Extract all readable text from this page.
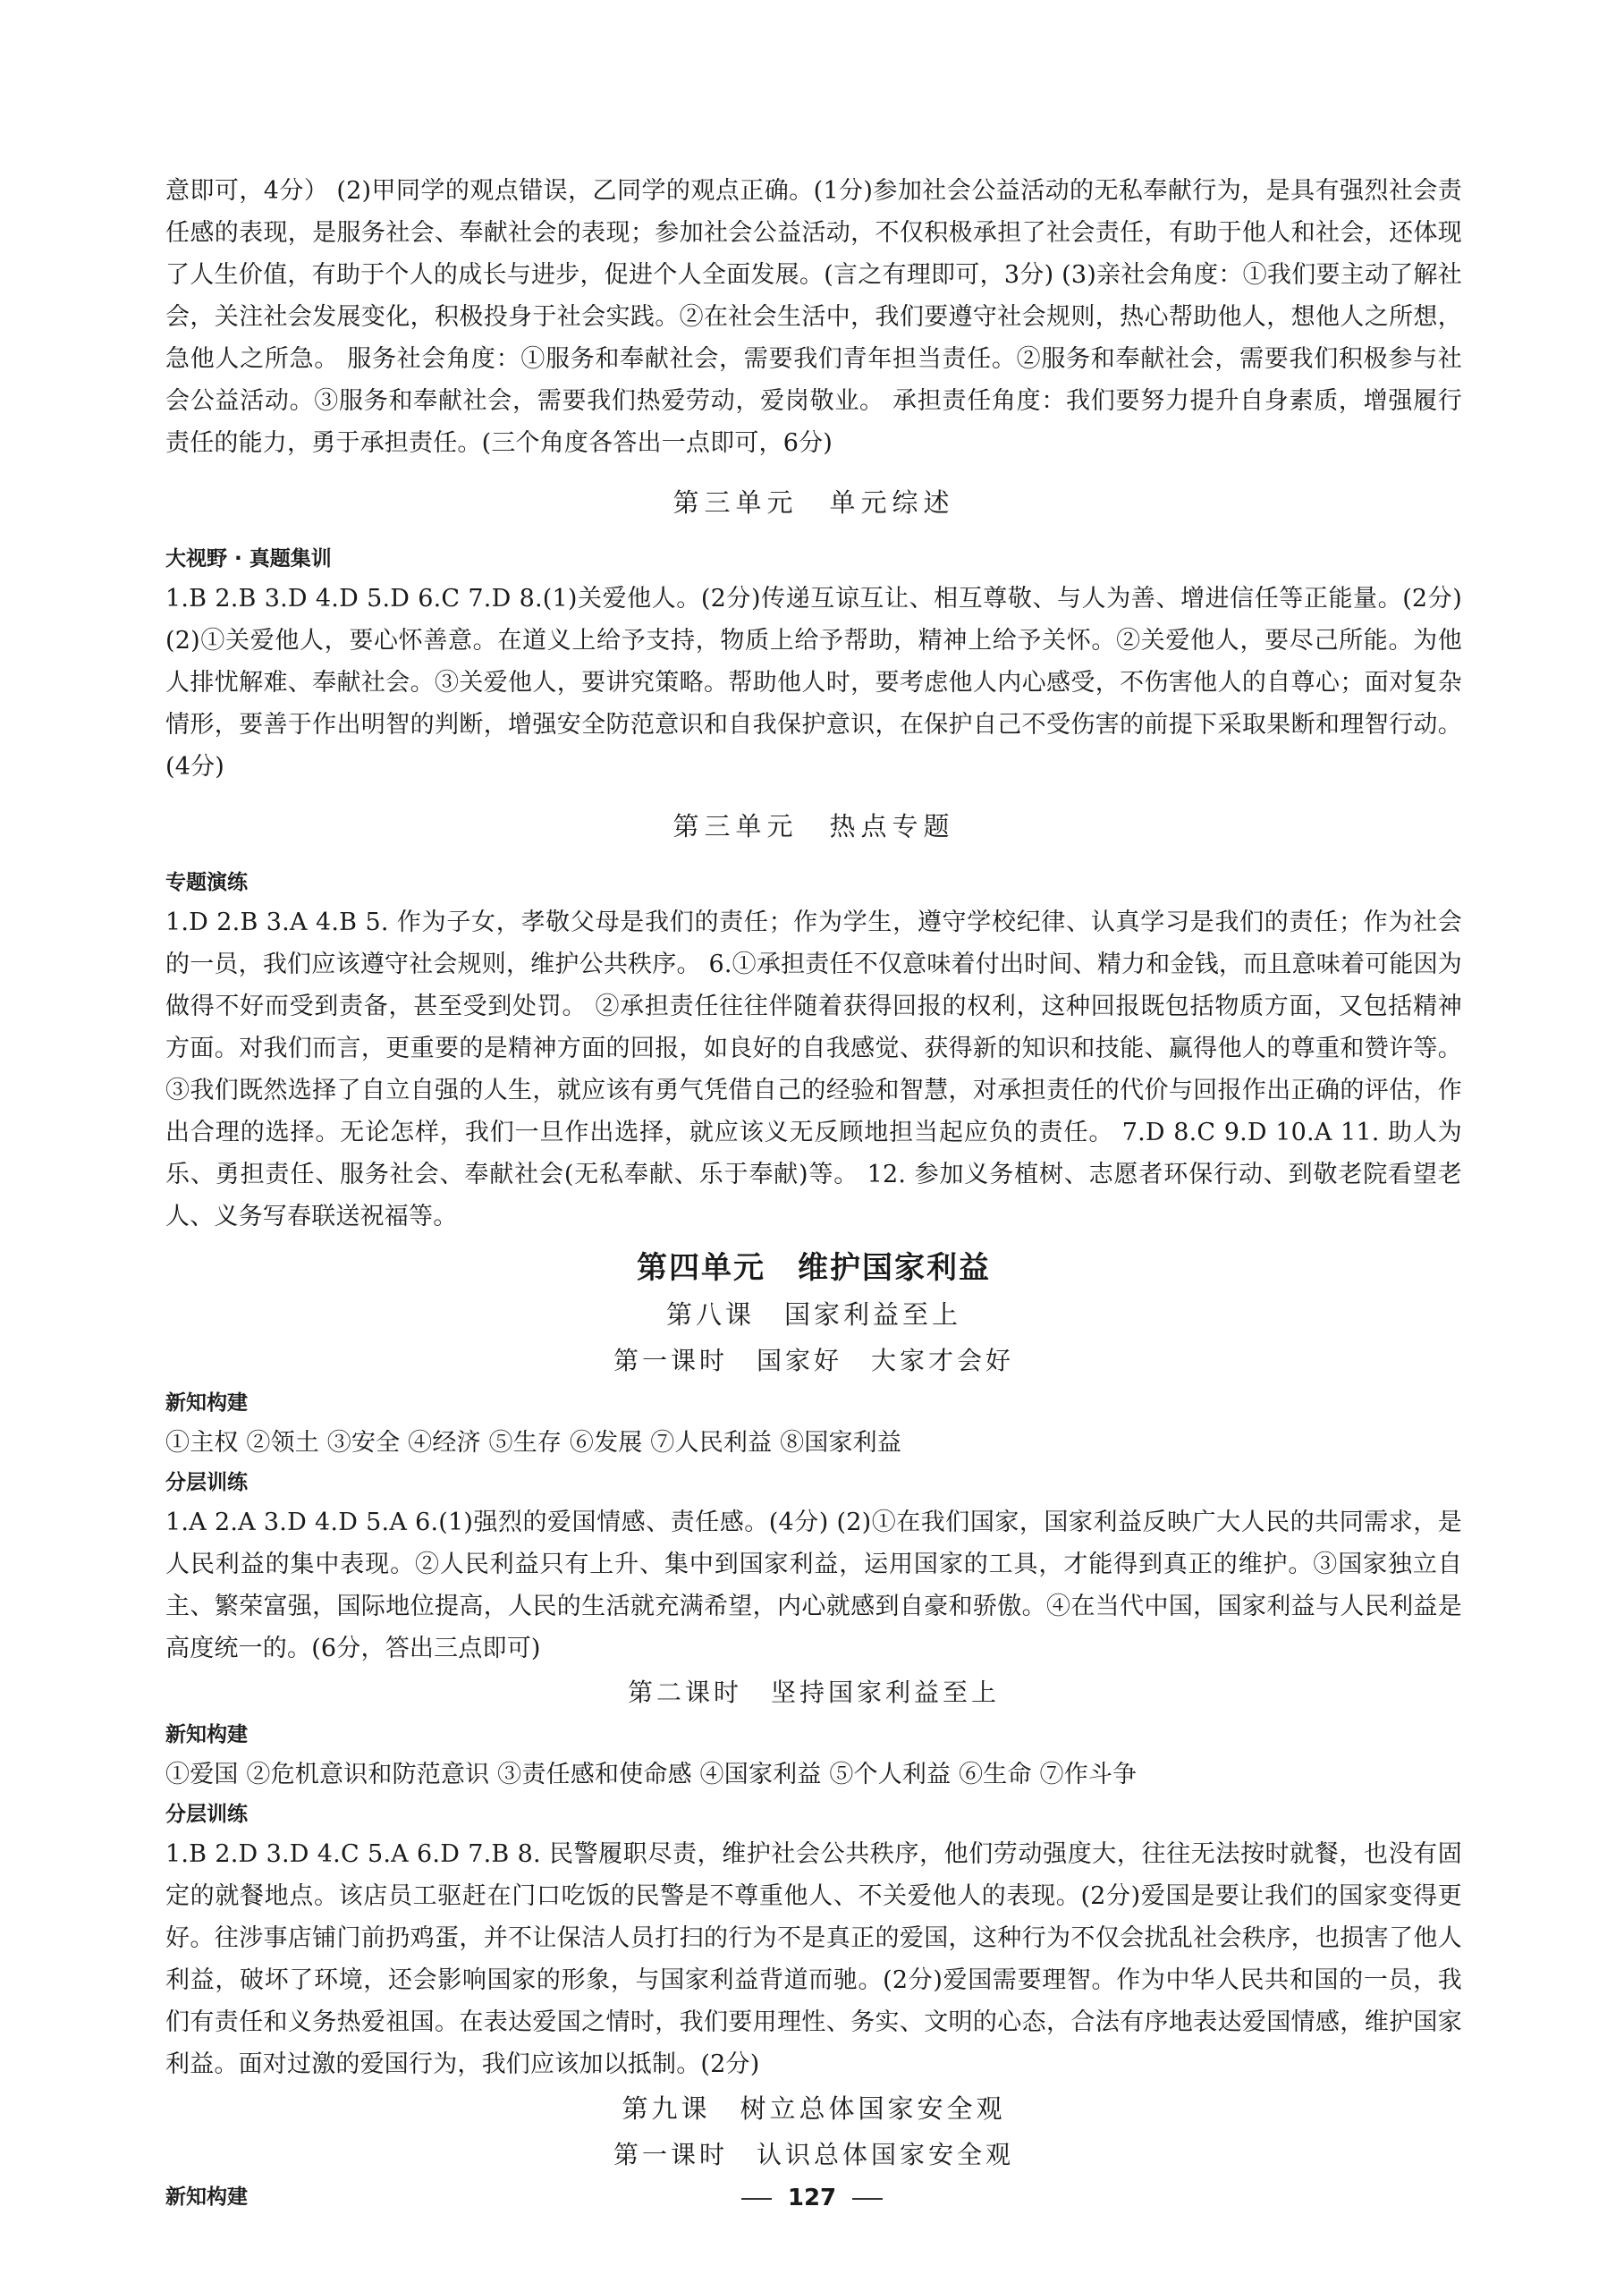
意即可，4分） (2)甲同学的观点错误，乙同学的观点正确。(1分)参加社会公益活动的无私奉献行为，是具有强烈社会责任感的表现，是服务社会、奉献社会的表现；参加社会公益活动，不仅积极承担了社会责任，有助于他人和社会，还体现了人生价值，有助于个人的成长与进步，促进个人全面发展。(言之有理即可，3分) (3)亲社会角度：①我们要主动了解社会，关注社会发展变化，积极投身于社会实践。②在社会生活中，我们要遵守社会规则，热心帮助他人，想他人之所想，急他人之所急。 服务社会角度：①服务和奉献社会，需要我们青年担当责任。②服务和奉献社会，需要我们积极参与社会公益活动。③服务和奉献社会，需要我们热爱劳动，爱岗敬业。 承担责任角度：我们要努力提升自身素质，增强履行责任的能力，勇于承担责任。(三个角度各答出一点即可，6分)

第三单元　单元综述
大视野 · 真题集训

1.B 2.B 3.D 4.D 5.D 6.C 7.D 8.(1)关爱他人。(2分)传递互谅互让、相互尊敬、与人为善、增进信任等正能量。(2分) (2)①关爱他人，要心怀善意。在道义上给予支持，物质上给予帮助，精神上给予关怀。②关爱他人，要尽己所能。为他人排忧解难、奉献社会。③关爱他人，要讲究策略。帮助他人时，要考虑他人内心感受，不伤害他人的自尊心；面对复杂情形，要善于作出明智的判断，增强安全防范意识和自我保护意识，在保护自己不受伤害的前提下采取果断和理智行动。(4分)

第三单元　热点专题
专题演练

1.D 2.B 3.A 4.B 5. 作为子女，孝敬父母是我们的责任；作为学生，遵守学校纪律、认真学习是我们的责任；作为社会的一员，我们应该遵守社会规则，维护公共秩序。 6.①承担责任不仅意味着付出时间、精力和金钱，而且意味着可能因为做得不好而受到责备，甚至受到处罚。 ②承担责任往往伴随着获得回报的权利，这种回报既包括物质方面，又包括精神方面。对我们而言，更重要的是精神方面的回报，如良好的自我感觉、获得新的知识和技能、赢得他人的尊重和赞许等。 ③我们既然选择了自立自强的人生，就应该有勇气凭借自己的经验和智慧，对承担责任的代价与回报作出正确的评估，作出合理的选择。无论怎样，我们一旦作出选择，就应该义无反顾地担当起应负的责任。 7.D 8.C 9.D 10.A 11. 助人为乐、勇担责任、服务社会、奉献社会(无私奉献、乐于奉献)等。 12. 参加义务植树、志愿者环保行动、到敬老院看望老人、义务写春联送祝福等。

第四单元　维护国家利益
第八课　国家利益至上
第一课时　国家好　大家才会好
新知构建

①主权 ②领土 ③安全 ④经济 ⑤生存 ⑥发展 ⑦人民利益 ⑧国家利益

分层训练

1.A 2.A 3.D 4.D 5.A 6.(1)强烈的爱国情感、责任感。(4分) (2)①在我们国家，国家利益反映广大人民的共同需求，是人民利益的集中表现。②人民利益只有上升、集中到国家利益，运用国家的工具，才能得到真正的维护。③国家独立自主、繁荣富强，国际地位提高，人民的生活就充满希望，内心就感到自豪和骄傲。④在当代中国，国家利益与人民利益是高度统一的。(6分，答出三点即可)

第二课时　坚持国家利益至上
新知构建

①爱国 ②危机意识和防范意识 ③责任感和使命感 ④国家利益 ⑤个人利益 ⑥生命 ⑦作斗争

分层训练

1.B 2.D 3.D 4.C 5.A 6.D 7.B 8. 民警履职尽责，维护社会公共秩序，他们劳动强度大，往往无法按时就餐，也没有固定的就餐地点。该店员工驱赶在门口吃饭的民警是不尊重他人、不关爱他人的表现。(2分)爱国是要让我们的国家变得更好。往涉事店铺门前扔鸡蛋，并不让保洁人员打扫的行为不是真正的爱国，这种行为不仅会扰乱社会秩序，也损害了他人利益，破坏了环境，还会影响国家的形象，与国家利益背道而驰。(2分)爱国需要理智。作为中华人民共和国的一员，我们有责任和义务热爱祖国。在表达爱国之情时，我们要用理性、务实、文明的心态，合法有序地表达爱国情感，维护国家利益。面对过激的爱国行为，我们应该加以抵制。(2分)

第九课　树立总体国家安全观
第一课时　认识总体国家安全观
新知构建	127
